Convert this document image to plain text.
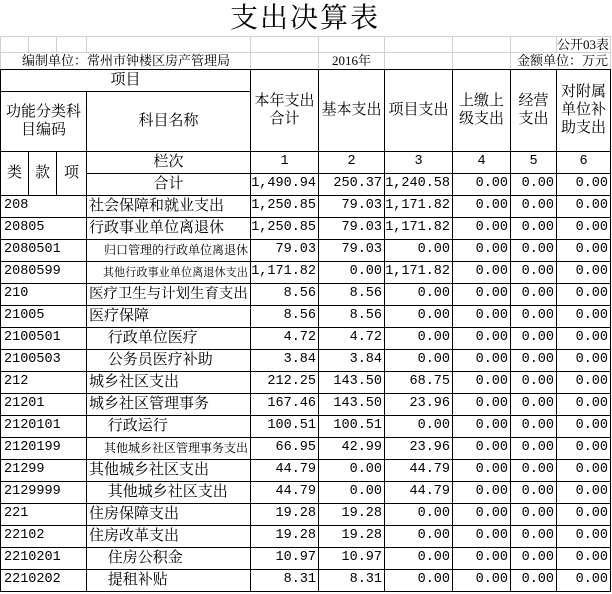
支出决算表
									公开03表
编制单位：常州市钟楼区房产管理局					2016年			金额单位：万元	
项目				本年支出合计	基本支出	项目支出	上缴上级支出	经营支出	对附属单位补助支出
功能分类科目编码			科目名称						
类	款	项	栏次	1	2	3	4	5	6
			合计	1,490.94	250.37	1,240.58	0.00	0.00	0.00
208			社会保障和就业支出	1,250.85	79.03	1,171.82	0.00	0.00	0.00
20805			行政事业单位离退休	1,250.85	79.03	1,171.82	0.00	0.00	0.00
2080501			归口管理的行政单位离退休	79.03	79.03	0.00	0.00	0.00	0.00
2080599			其他行政事业单位离退休支出	1,171.82	0.00	1,171.82	0.00	0.00	0.00
210			医疗卫生与计划生育支出	8.56	8.56	0.00	0.00	0.00	0.00
21005			医疗保障	8.56	8.56	0.00	0.00	0.00	0.00
2100501			行政单位医疗	4.72	4.72	0.00	0.00	0.00	0.00
2100503			公务员医疗补助	3.84	3.84	0.00	0.00	0.00	0.00
212			城乡社区支出	212.25	143.50	68.75	0.00	0.00	0.00
21201			城乡社区管理事务	167.46	143.50	23.96	0.00	0.00	0.00
2120101			行政运行	100.51	100.51	0.00	0.00	0.00	0.00
2120199			其他城乡社区管理事务支出	66.95	42.99	23.96	0.00	0.00	0.00
21299			其他城乡社区支出	44.79	0.00	44.79	0.00	0.00	0.00
2129999			其他城乡社区支出	44.79	0.00	44.79	0.00	0.00	0.00
221			住房保障支出	19.28	19.28	0.00	0.00	0.00	0.00
22102			住房改革支出	19.28	19.28	0.00	0.00	0.00	0.00
2210201			住房公积金	10.97	10.97	0.00	0.00	0.00	0.00
2210202			提租补贴	8.31	8.31	0.00	0.00	0.00	0.00
